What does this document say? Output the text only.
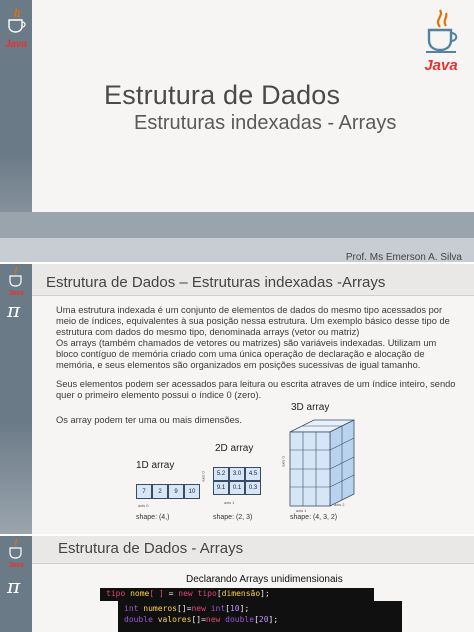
Java
Java
Estrutura de Dados
Estruturas indexadas - Arrays
Prof. Ms Emerson A. Silva
Java
π
Estrutura de Dados – Estruturas indexadas -Arrays
Uma estrutura indexada é um conjunto de elementos de dados do mesmo tipo acessados por meio de índices, equivalentes à sua posição nessa estrutura. Um exemplo básico desse tipo de estrutura com dados do mesmo tipo, denominada arrays (vetor ou matriz)
Os arrays (também chamados de vetores ou matrizes) são variáveis indexadas. Utilizam um bloco contíguo de memória criado com uma única operação de declaração e alocação de memória, e seus elementos são organizados em posições sucessivas de igual tamanho.
Seus elementos podem ser acessados para leitura ou escrita atraves de um índice inteiro, sendo quer o primeiro elemento possui o índice 0 (zero).
Os array podem ter uma ou mais dimensões.
3D array
axis 0
axis 1
axis 2
shape: (4, 3, 2)
2D array
axis 0	5.2	3.0	4.5
9.1	0.1	0.3
axis 1
shape: (2, 3)
1D array
7	2	9	10
axis 0
shape: (4,)
Java
π
Estrutura de Dados - Arrays
Declarando Arrays unidimensionais
tipo nome[ ] = new tipo[dimensão];
int numeros[]=new int[10];
double valores[]=new double[20];
